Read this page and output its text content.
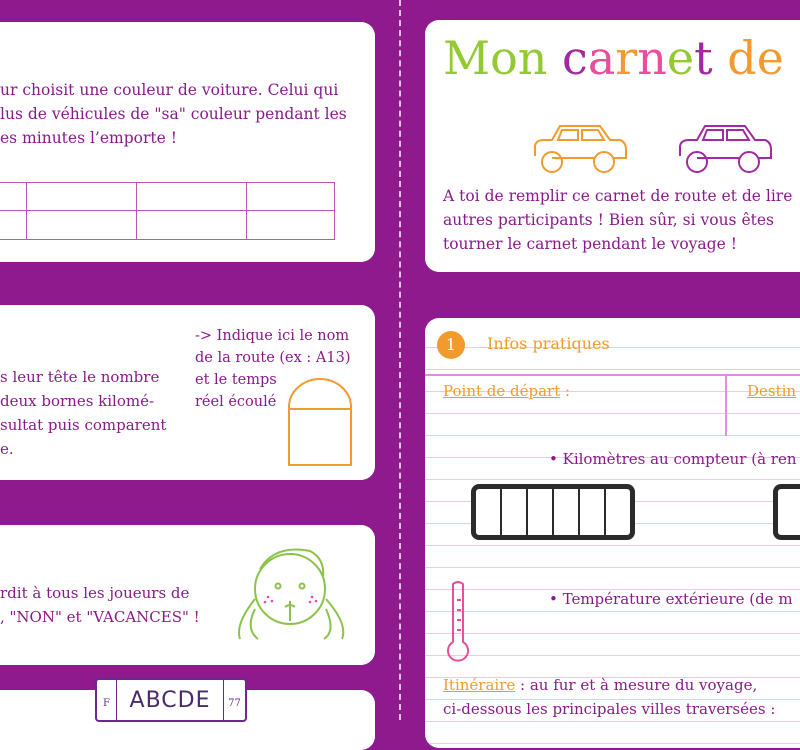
ur choisit une couleur de voiture. Celui qui
lus de véhicules de "sa" couleur pendant les
es minutes l’emporte !
s leur tête le nombre
deux bornes kilomé-
sultat puis comparent
e.
-> Indique ici le nom
de la route (ex : A13)
et le temps
réel écoulé
rdit à tous les joueurs de
, "NON" et "VACANCES" !
F ABCDE	77
Mon carnet de
A toi de remplir ce carnet de route et de lire
autres participants ! Bien sûr, si vous êtes
tourner le carnet pendant le voyage !
1	Infos pratiques
Point de départ :	Destin
• Kilomètres au compteur (à ren
• Température extérieure (de m
Itinéraire : au fur et à mesure du voyage,
ci-dessous les principales villes traversées :
